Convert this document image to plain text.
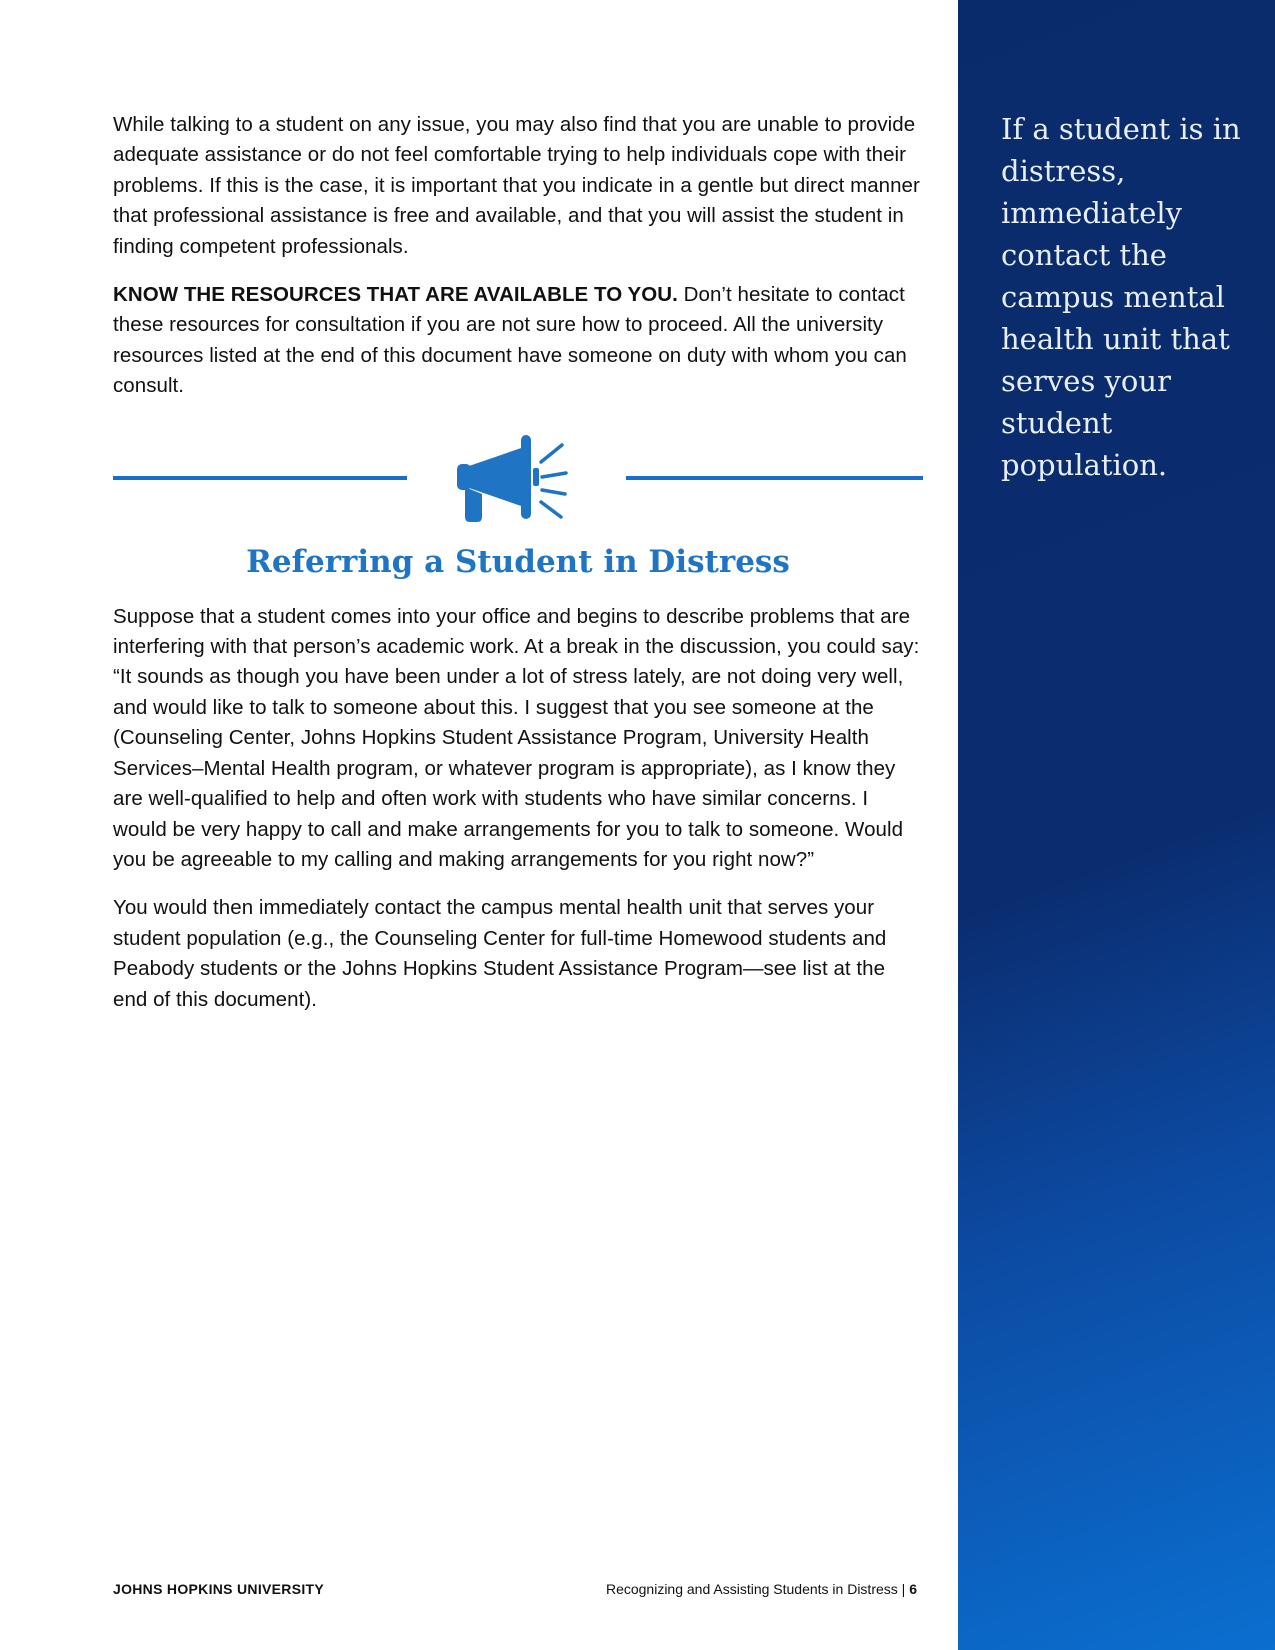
While talking to a student on any issue, you may also find that you are unable to provide adequate assistance or do not feel comfortable trying to help individuals cope with their problems. If this is the case, it is important that you indicate in a gentle but direct manner that professional assistance is free and available, and that you will assist the student in finding competent professionals.

KNOW THE RESOURCES THAT ARE AVAILABLE TO YOU. Don’t hesitate to contact these resources for consultation if you are not sure how to proceed. All the university resources listed at the end of this document have someone on duty with whom you can consult.

Referring a Student in Distress

Suppose that a student comes into your office and begins to describe problems that are interfering with that person’s academic work. At a break in the discussion, you could say: “It sounds as though you have been under a lot of stress lately, are not doing very well, and would like to talk to someone about this. I suggest that you see someone at the (Counseling Center, Johns Hopkins Student Assistance Program, University Health Services–Mental Health program, or whatever program is appropriate), as I know they are well-qualified to help and often work with students who have similar concerns. I would be very happy to call and make arrangements for you to talk to someone. Would you be agreeable to my calling and making arrangements for you right now?”

You would then immediately contact the campus mental health unit that serves your student population (e.g., the Counseling Center for full-time Homewood students and Peabody students or the Johns Hopkins Student Assistance Program—see list at the end of this document).

If a student is in distress, immediately contact the campus mental health unit that serves your student population.

JOHNS HOPKINS UNIVERSITY	Recognizing and Assisting Students in Distress | 6
